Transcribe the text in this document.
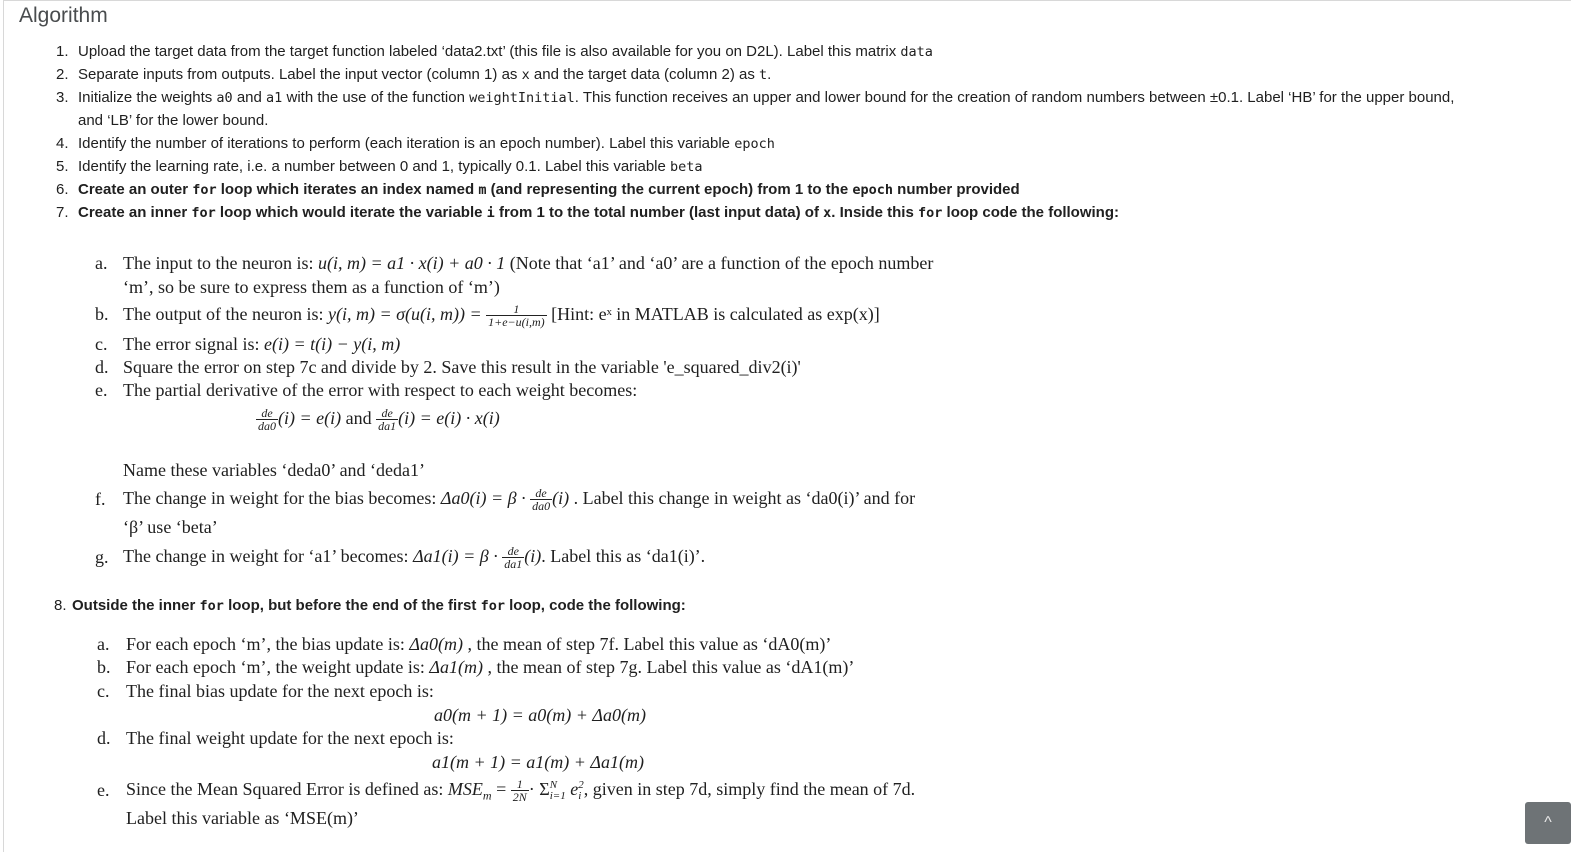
Algorithm
1. Upload the target data from the target function labeled ‘data2.txt’ (this file is also available for you on D2L). Label this matrix data
2. Separate inputs from outputs. Label the input vector (column 1) as x and the target data (column 2) as t.
3. Initialize the weights a0 and a1 with the use of the function weightInitial. This function receives an upper and lower bound for the creation of random numbers between ±0.1. Label ‘HB’ for the upper bound,
and ‘LB’ for the lower bound.
4. Identify the number of iterations to perform (each iteration is an epoch number). Label this variable epoch
5. Identify the learning rate, i.e. a number between 0 and 1, typically 0.1. Label this variable beta
6. Create an outer for loop which iterates an index named m (and representing the current epoch) from 1 to the epoch number provided
7. Create an inner for loop which would iterate the variable i from 1 to the total number (last input data) of x. Inside this for loop code the following:
a. The input to the neuron is: u(i, m) = a1 · x(i) + a0 · 1 (Note that ‘a1’ and ‘a0’ are a function of the epoch number
‘m’, so be sure to express them as a function of ‘m’)
b. The output of the neuron is: y(i, m) = σ(u(i, $m)) = \frac{1}{1+e-u(i,m)}$ [Hint: eˣ in MATLAB is calculated as exp(x)]
c. The error signal is: e(i) = t(i) − y(i, m)
d. Square the error on step 7c and divide by 2. Save this result in the variable 'e_squared_div2(i)'
e. The partial derivative of the error with respect to each weight becomes:
$\frac{de}{da0} (i) = e(i)$ and $\frac{de}{da1} (i) = e(i) \cdot x(i)$
Name these variables ‘deda0’ and ‘deda1’
f. The change in weight for the bias becomes: $\Delta a0(i) = \beta \cdot \frac{de}{da0} (i)$ . Label this change in weight as ‘da0(i)’ and for
‘β’ use ‘beta’
g. The change in weight for ‘a1’ becomes: $\Delta a1(i) = \beta \cdot \frac{de}{da1} (i)$. Label this as ‘da1(i)’.
8. Outside the inner for loop, but before the end of the first for loop, code the following:
a. For each epoch ‘m’, the bias update is: Δa0(m) , the mean of step 7f. Label this value as ‘dA0(m)’
b. For each epoch ‘m’, the weight update is: Δa1(m) , the mean of step 7g. Label this value as ‘dA1(m)’
c. The final bias update for the next epoch is:
a0(m + 1) = a0(m) + Δa0(m)
d. The final weight update for the next epoch is:
a1(m + 1) = a1(m) + Δa1(m)
e. Since the Mean Squared Error is defined as: $MSE_m = \frac{1}{2N} \cdot \Sigma$ N
i=1 e 2
i , given in step 7d, simply find the mean of 7d.
Label this variable as ‘MSE(m)’	^
